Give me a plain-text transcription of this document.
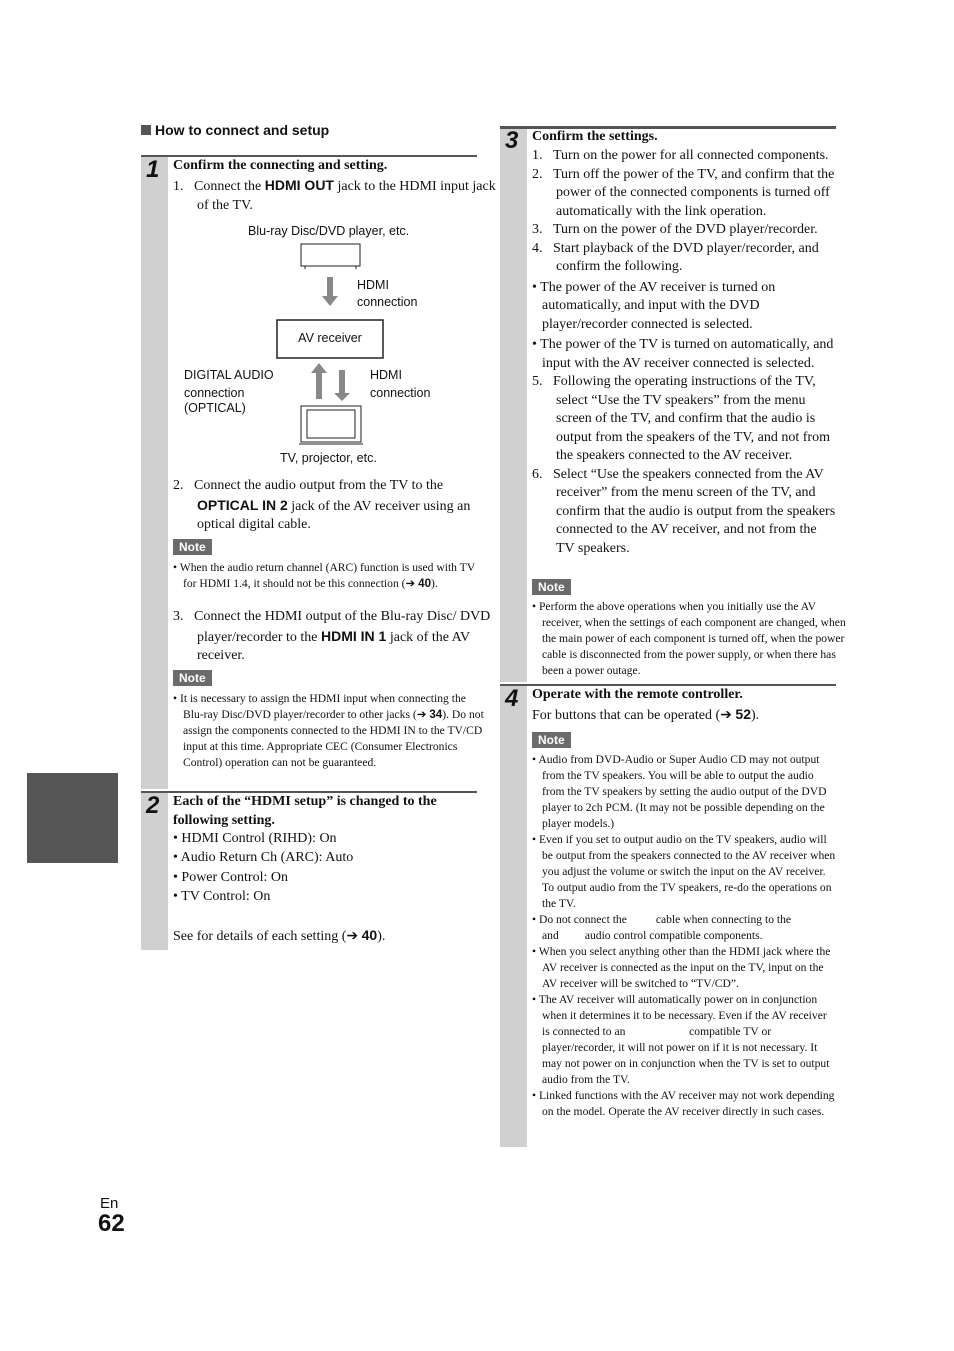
How to connect and setup
1 Confirm the connecting and setting.
1.   Connect the HDMI OUT jack to the HDMI input jack of the TV.
Blu-ray Disc/DVD player, etc.
HDMI
connection
AV receiver
DIGITAL AUDIO
connection
(OPTICAL)
HDMI
connection
TV, projector, etc.
2.   Connect the audio output from the TV to the OPTICAL IN 2 jack of the AV receiver using an optical digital cable.
Note
• When the audio return channel (ARC) function is used with TV for HDMI 1.4, it should not be this connection (➔ 40).
3.   Connect the HDMI output of the Blu-ray Disc/ DVD player/recorder to the HDMI IN 1 jack of the AV receiver.
Note
• It is necessary to assign the HDMI input when connecting the Blu-ray Disc/DVD player/recorder to other jacks (➔ 34). Do not assign the components connected to the HDMI IN to the TV/CD input at this time. Appropriate CEC (Consumer Electronics Control) operation can not be guaranteed.
2 Each of the “HDMI setup” is changed to the following setting.
• HDMI Control (RIHD): On
• Audio Return Ch (ARC): Auto
• Power Control: On
• TV Control: On
See for details of each setting (➔ 40).
3 Confirm the settings.
1.   Turn on the power for all connected components.
2.   Turn off the power of the TV, and confirm that the power of the connected components is turned off automatically with the link operation.
3.   Turn on the power of the DVD player/recorder.
4.   Start playback of the DVD player/recorder, and confirm the following.
• The power of the AV receiver is turned on automatically, and input with the DVD player/recorder connected is selected.
• The power of the TV is turned on automatically, and input with the AV receiver connected is selected.
5.   Following the operating instructions of the TV, select “Use the TV speakers” from the menu screen of the TV, and confirm that the audio is output from the speakers of the TV, and not from the speakers connected to the AV receiver.
6.   Select “Use the speakers connected from the AV receiver” from the menu screen of the TV, and confirm that the audio is output from the speakers connected to the AV receiver, and not from the TV speakers.
Note
• Perform the above operations when you initially use the AV receiver, when the settings of each component are changed, when the main power of each component is turned off, when the power cable is disconnected from the power supply, or when there has been a power outage.
4 Operate with the remote controller.
For buttons that can be operated (➔ 52).
Note
• Audio from DVD-Audio or Super Audio CD may not output from the TV speakers. You will be able to output the audio from the TV speakers by setting the audio output of the DVD player to 2ch PCM. (It may not be possible depending on the player models.)
• Even if you set to output audio on the TV speakers, audio will be output from the speakers connected to the AV receiver when you adjust the volume or switch the input on the AV receiver. To output audio from the TV speakers, re-do the operations on the TV.
• Do not connect the          cable when connecting to the              and         audio control compatible components.
• When you select anything other than the HDMI jack where the AV receiver is connected as the input on the TV, input on the AV receiver will be switched to “TV/CD”.
• The AV receiver will automatically power on in conjunction when it determines it to be necessary. Even if the AV receiver is connected to an                      compatible TV or player/recorder, it will not power on if it is not necessary. It may not power on in conjunction when the TV is set to output audio from the TV.
• Linked functions with the AV receiver may not work depending on the model. Operate the AV receiver directly in such cases.
En
62
